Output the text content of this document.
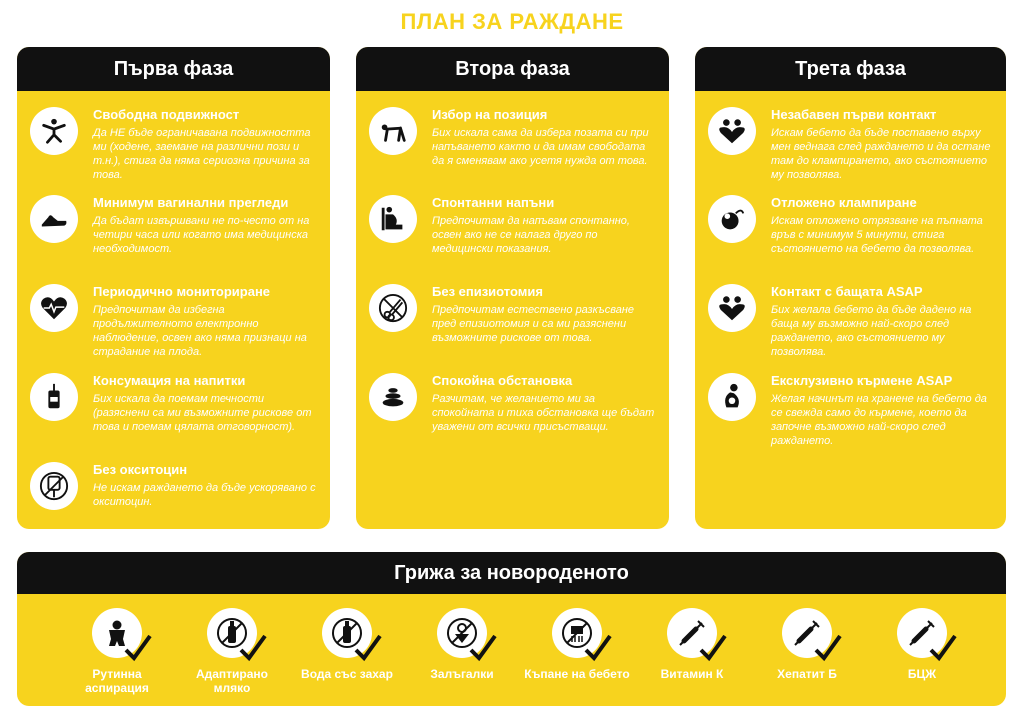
ПЛАН ЗА РАЖДАНЕ
Първа фаза
Свободна подвижност
Да НЕ бъде ограничавана подвижността ми (ходене, заемане на различни пози и т.н.), стига да няма сериозна причина за това.
Минимум вагинални прегледи
Да бъдат извършвани не по-често от на четири часа или когато има медицинска необходимост.
Периодично мониториране
Предпочитам да избегна продължителното електронно наблюдение, освен ако няма признаци на страдание на плода.
Консумация на напитки
Бих искала да поемам течности (разяснени са ми възможните рискове от това и поемам цялата отговорност).
Без окситоцин
Не искам раждането да бъде ускорявано с окситоцин.
Втора фаза
Избор на позиция
Бих искала сама да избера позата си при напъването както и да имам свободата да я сменявам ако усетя нужда от това.
Спонтанни напъни
Предпочитам да напъвам спонтанно, освен ако не се налага друго по медицински показания.
Без епизиотомия
Предпочитам естествено разкъсване пред епизиотомия и са ми разяснени възможните рискове от това.
Спокойна обстановка
Разчитам, че желанието ми за спокойната и тиха обстановка ще бъдат уважени от всички присъстващи.
Трета фаза
Незабавен първи контакт
Искам бебето да бъде поставено върху мен веднага след раждането и да остане там до клампирането, ако състоянието му позволява.
Отложено клампиране
Искам отложено отрязване на пъпната връв с минимум 5 минути, стига състоянието на бебето да позволява.
Контакт с бащата ASAP
Бих желала бебето да бъде дадено на баща му възможно най-скоро след раждането, ако състоянието му позволява.
Ексклузивно кърмене ASAP
Желая начинът на хранене на бебето да се свежда само до кърмене, което да започне възможно най-скоро след раждането.
Грижа за новороденото
Рутинна аспирация
Адаптирано мляко
Вода със захар	Залъгалки	Къпане на бебето	Витамин К	Хепатит Б	БЦЖ
